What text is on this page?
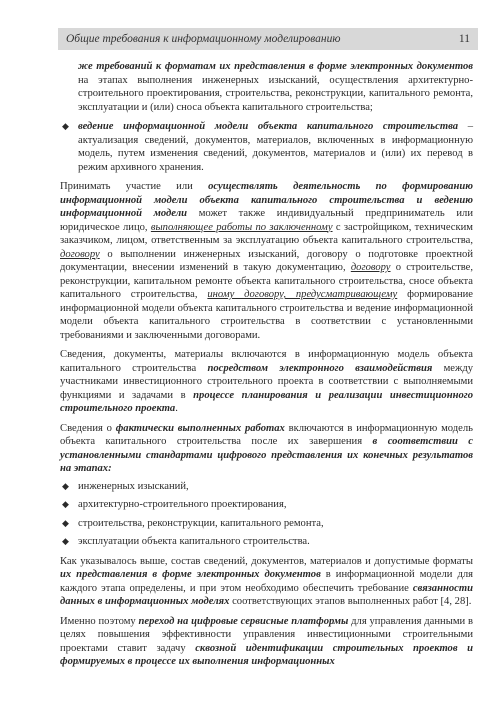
Общие требования к информационному моделированию	11

же требований к форматам их представления в форме электронных документов на этапах выполнения инженерных изысканий, осуществления архитектурно-строительного проектирования, строительства, реконструкции, капитального ремонта, эксплуатации и (или) сноса объекта капитального строительства;

◆ ведение информационной модели объекта капитального строительства – актуализация сведений, документов, материалов, включенных в информационную модель, путем изменения сведений, документов, материалов и (или) их перевод в режим архивного хранения.

Принимать участие или осуществлять деятельность по формированию информационной модели объекта капитального строительства и ведению информационной модели может также индивидуальный предприниматель или юридическое лицо, выполняющее работы по заключенному с застройщиком, техническим заказчиком, лицом, ответственным за эксплуатацию объекта капитального строительства, договору о выполнении инженерных изысканий, договору о подготовке проектной документации, внесении изменений в такую документацию, договору о строительстве, реконструкции, капитальном ремонте объекта капитального строительства, сносе объекта капитального строительства, иному договору, предусматривающему формирование информационной модели объекта капитального строительства и ведение информационной модели объекта капитального строительства в соответствии с установленными требованиями и заключенными договорами.

Сведения, документы, материалы включаются в информационную модель объекта капитального строительства посредством электронного взаимодействия между участниками инвестиционного строительного проекта в соответствии с выполняемыми функциями и задачами в процессе планирования и реализации инвестиционного строительного проекта.

Сведения о фактически выполненных работах включаются в информационную модель объекта капитального строительства после их завершения в соответствии с установленными стандартами цифрового представления их конечных результатов на этапах:

◆ инженерных изысканий,
◆ архитектурно-строительного проектирования,
◆ строительства, реконструкции, капитального ремонта,
◆ эксплуатации объекта капитального строительства.

Как указывалось выше, состав сведений, документов, материалов и допустимые форматы их представления в форме электронных документов в информационной модели для каждого этапа определены, и при этом необходимо обеспечить требование связанности данных в информационных моделях соответствующих этапов выполненных работ [4, 28].

Именно поэтому переход на цифровые сервисные платформы для управления данными в целях повышения эффективности управления инвестиционными строительными проектами ставит задачу сквозной идентификации строительных проектов и формируемых в процессе их выполнения информационных
